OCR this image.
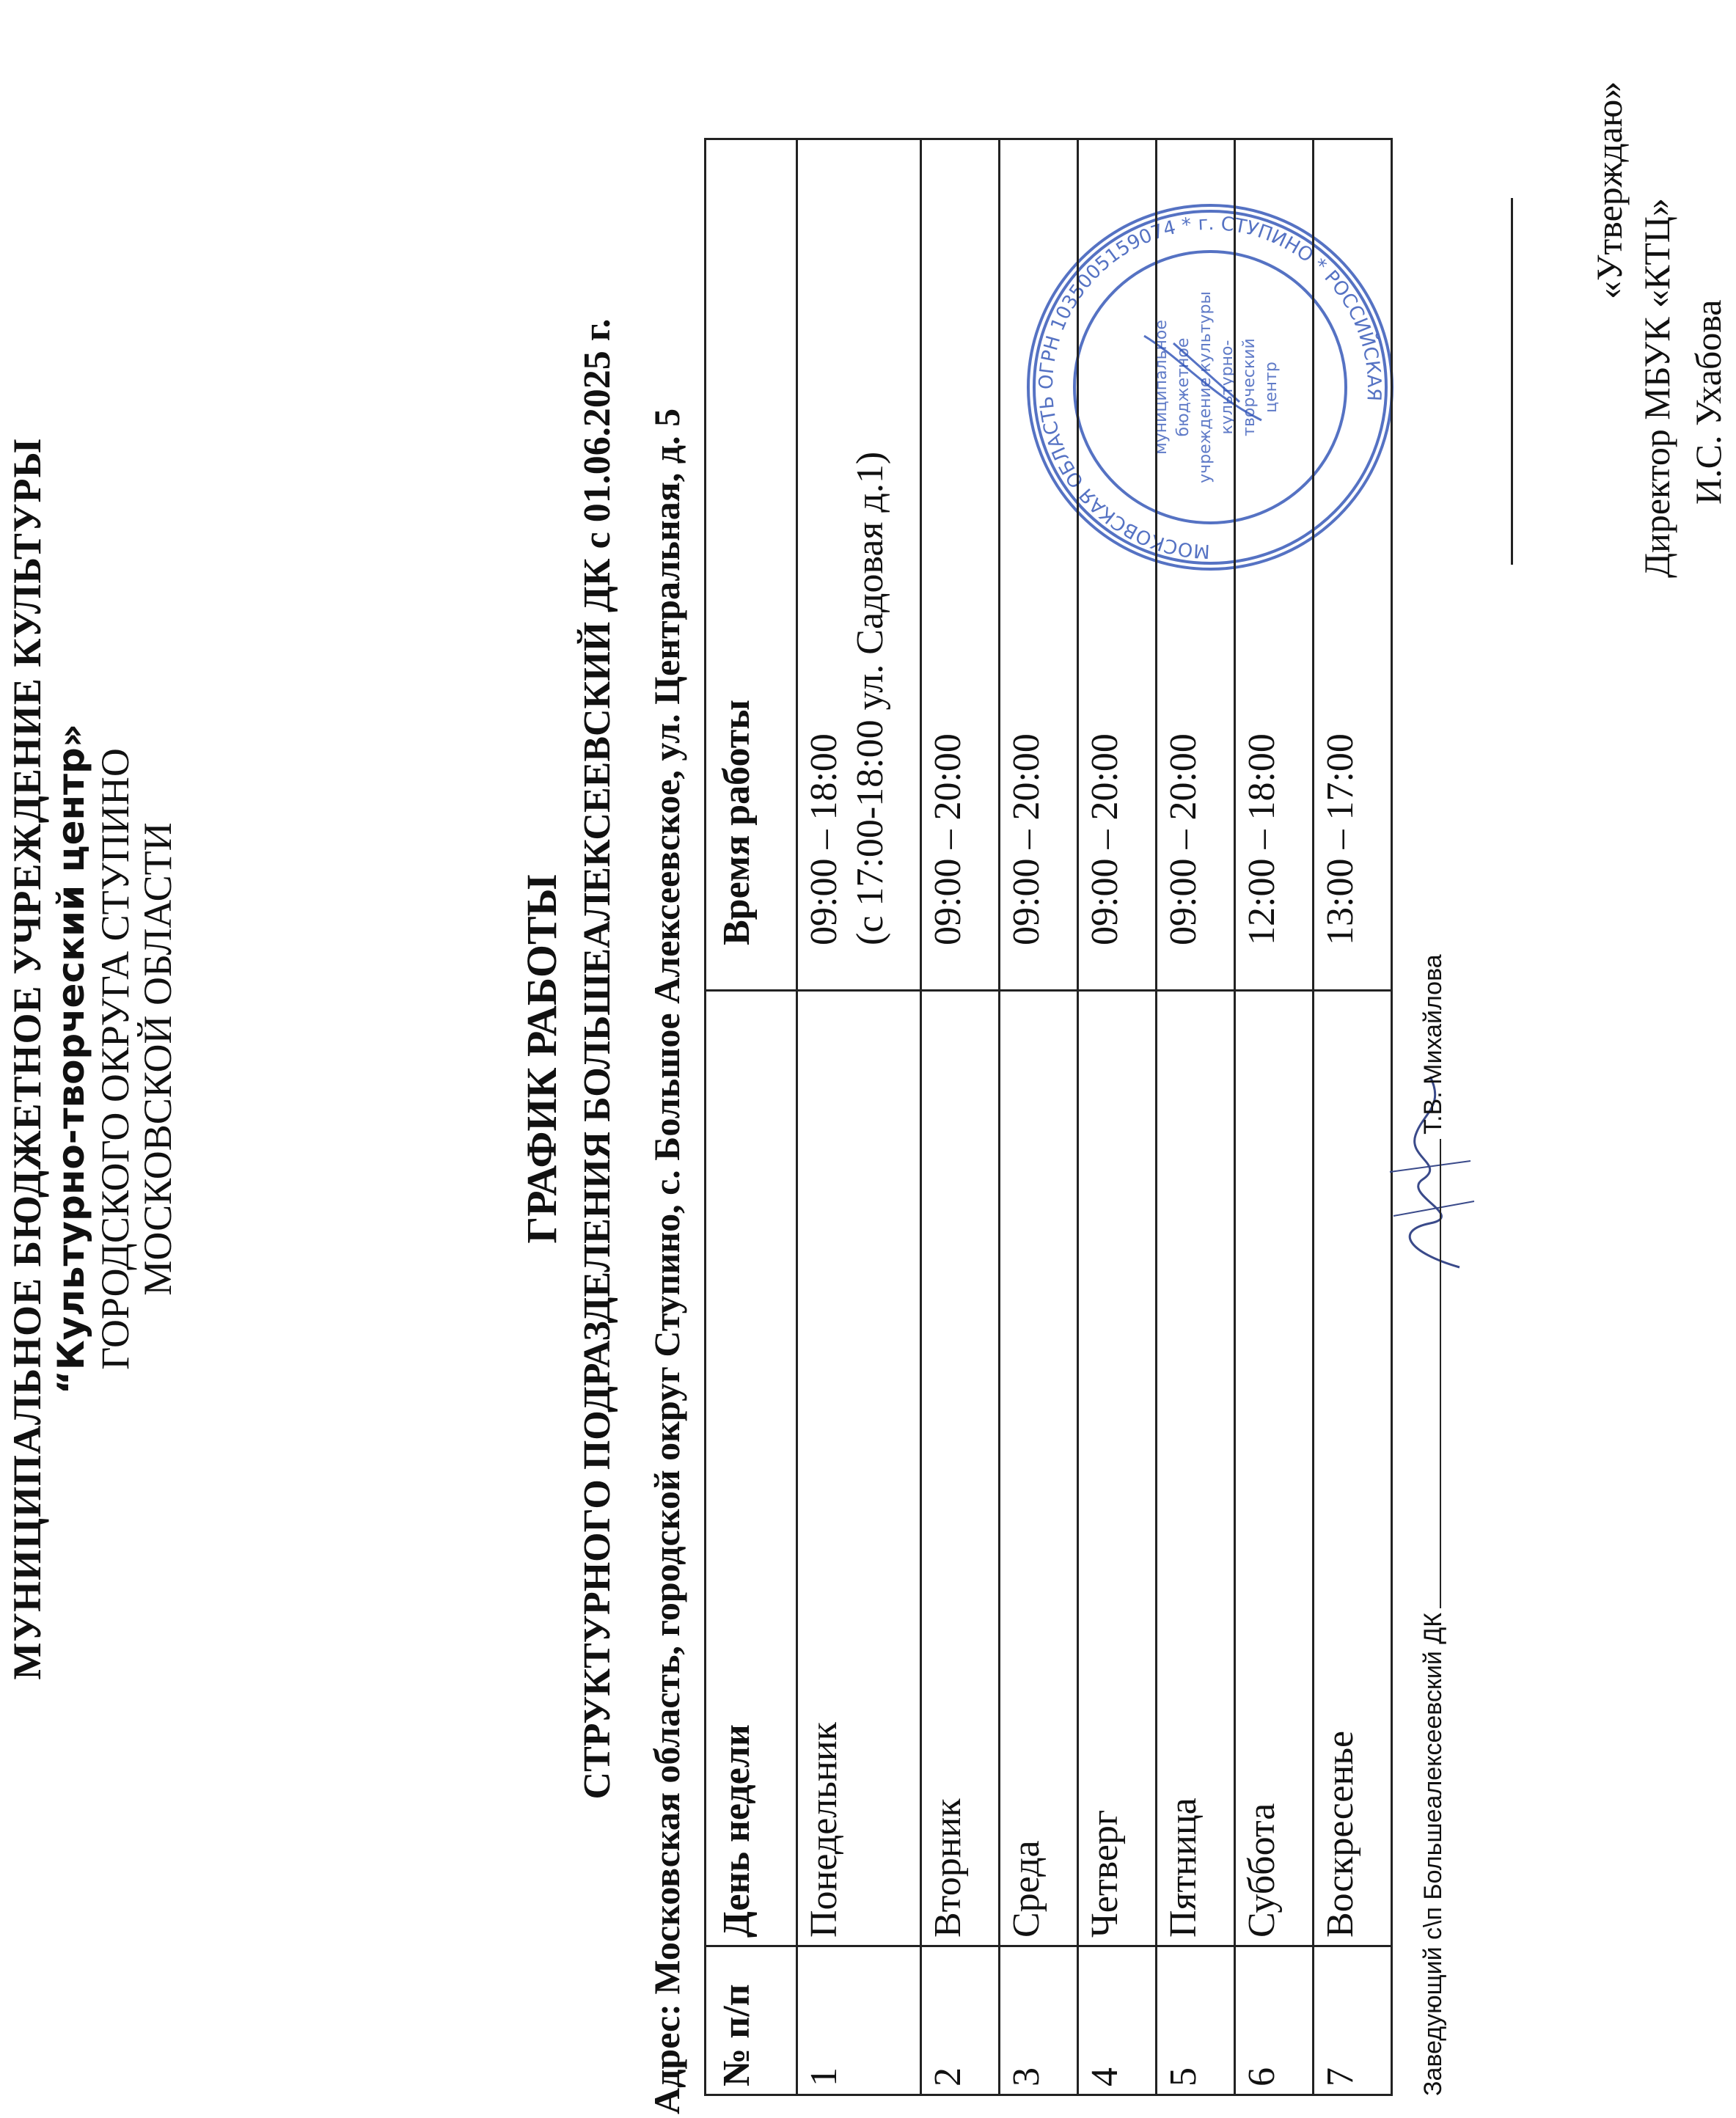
МУНИЦИПАЛЬНОЕ БЮДЖЕТНОЕ УЧРЕЖДЕНИЕ КУЛЬТУРЫ “Культурно-творческий центр» ГОРОДСКОГО ОКРУГА СТУПИНО
МОСКОВСКОЙ ОБЛАСТИ
«Утверждаю»
Директор МБУК «КТЦ» И.С. Ухабова
МОСКОВСКАЯ ОБЛАСТЬ ОГРН 1035005159074 * г. СТУПИНО * РОССИЙСКАЯ
муниципальное бюджетное учреждение культуры культурно- творческий центр
ГРАФИК РАБОТЫ СТРУКТУРНОГО ПОДРАЗДЕЛЕНИЯ БОЛЬШЕАЛЕКСЕЕВСКИЙ ДК с 01.06.2025 г. Адрес: Московская область, городской округ Ступино, с. Большое Алексеевское, ул. Центральная, д. 5 № п/п	День недели	Время работы
1	Понедельник	09:00 – 18:00 (с 17:00-18:00 ул. Садовая д.1)

2	Вторник	09:00 – 20:00
3	Среда	09:00 – 20:00
4	Четверг	09:00 – 20:00
5	Пятница	09:00 – 20:00
6	Суббота	12:00 – 18:00
7	Воскресенье	13:00 – 17:00
Заведующий с\п Большеалексеевский ДКТ.В. Михайлова
